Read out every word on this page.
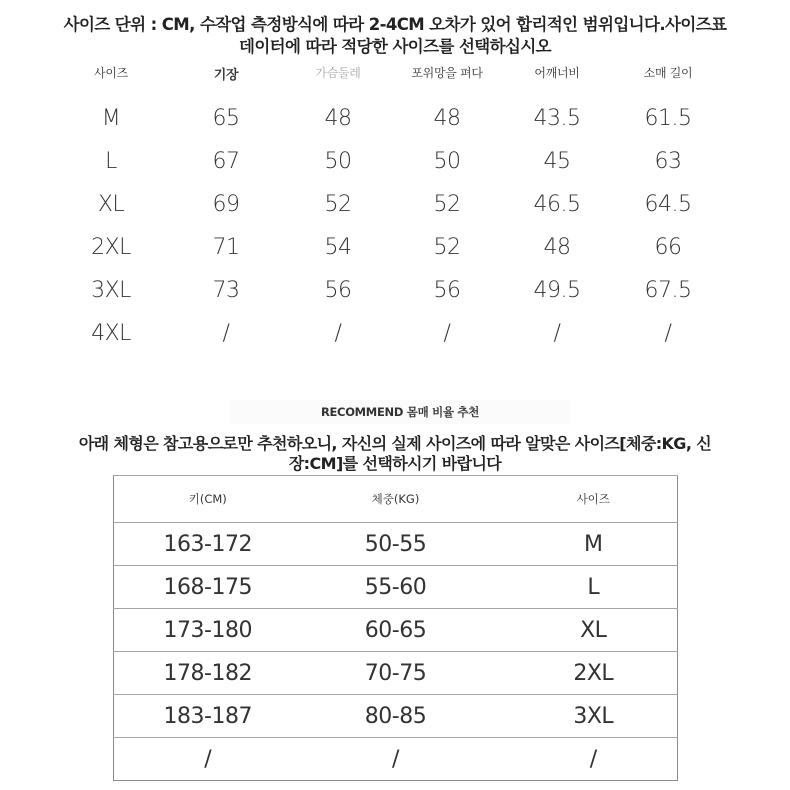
사이즈 단위 : CM, 수작업 측정방식에 따라 2-4CM 오차가 있어 합리적인 범위입니다.사이즈표
데이터에 따라 적당한 사이즈를 선택하십시오
사이즈	기장	가슴둘레	포위망을 펴다	어깨너비	소매 길이
M	65	48	48	43.5	61.5
L	67	50	50	45	63
XL	69	52	52	46.5	64.5
2XL	71	54	52	48	66
3XL	73	56	56	49.5	67.5
4XL	/	/	/	/	/
RECOMMEND 몸매 비율 추천
아래 체형은 참고용으로만 추천하오니, 자신의 실제 사이즈에 따라 알맞은 사이즈[체중:KG, 신
장:CM]를 선택하시기 바랍니다
키(CM)	체중(KG)	사이즈
163-172	50-55	M
168-175	55-60	L
173-180	60-65	XL
178-182	70-75	2XL
183-187	80-85	3XL
/	/	/
